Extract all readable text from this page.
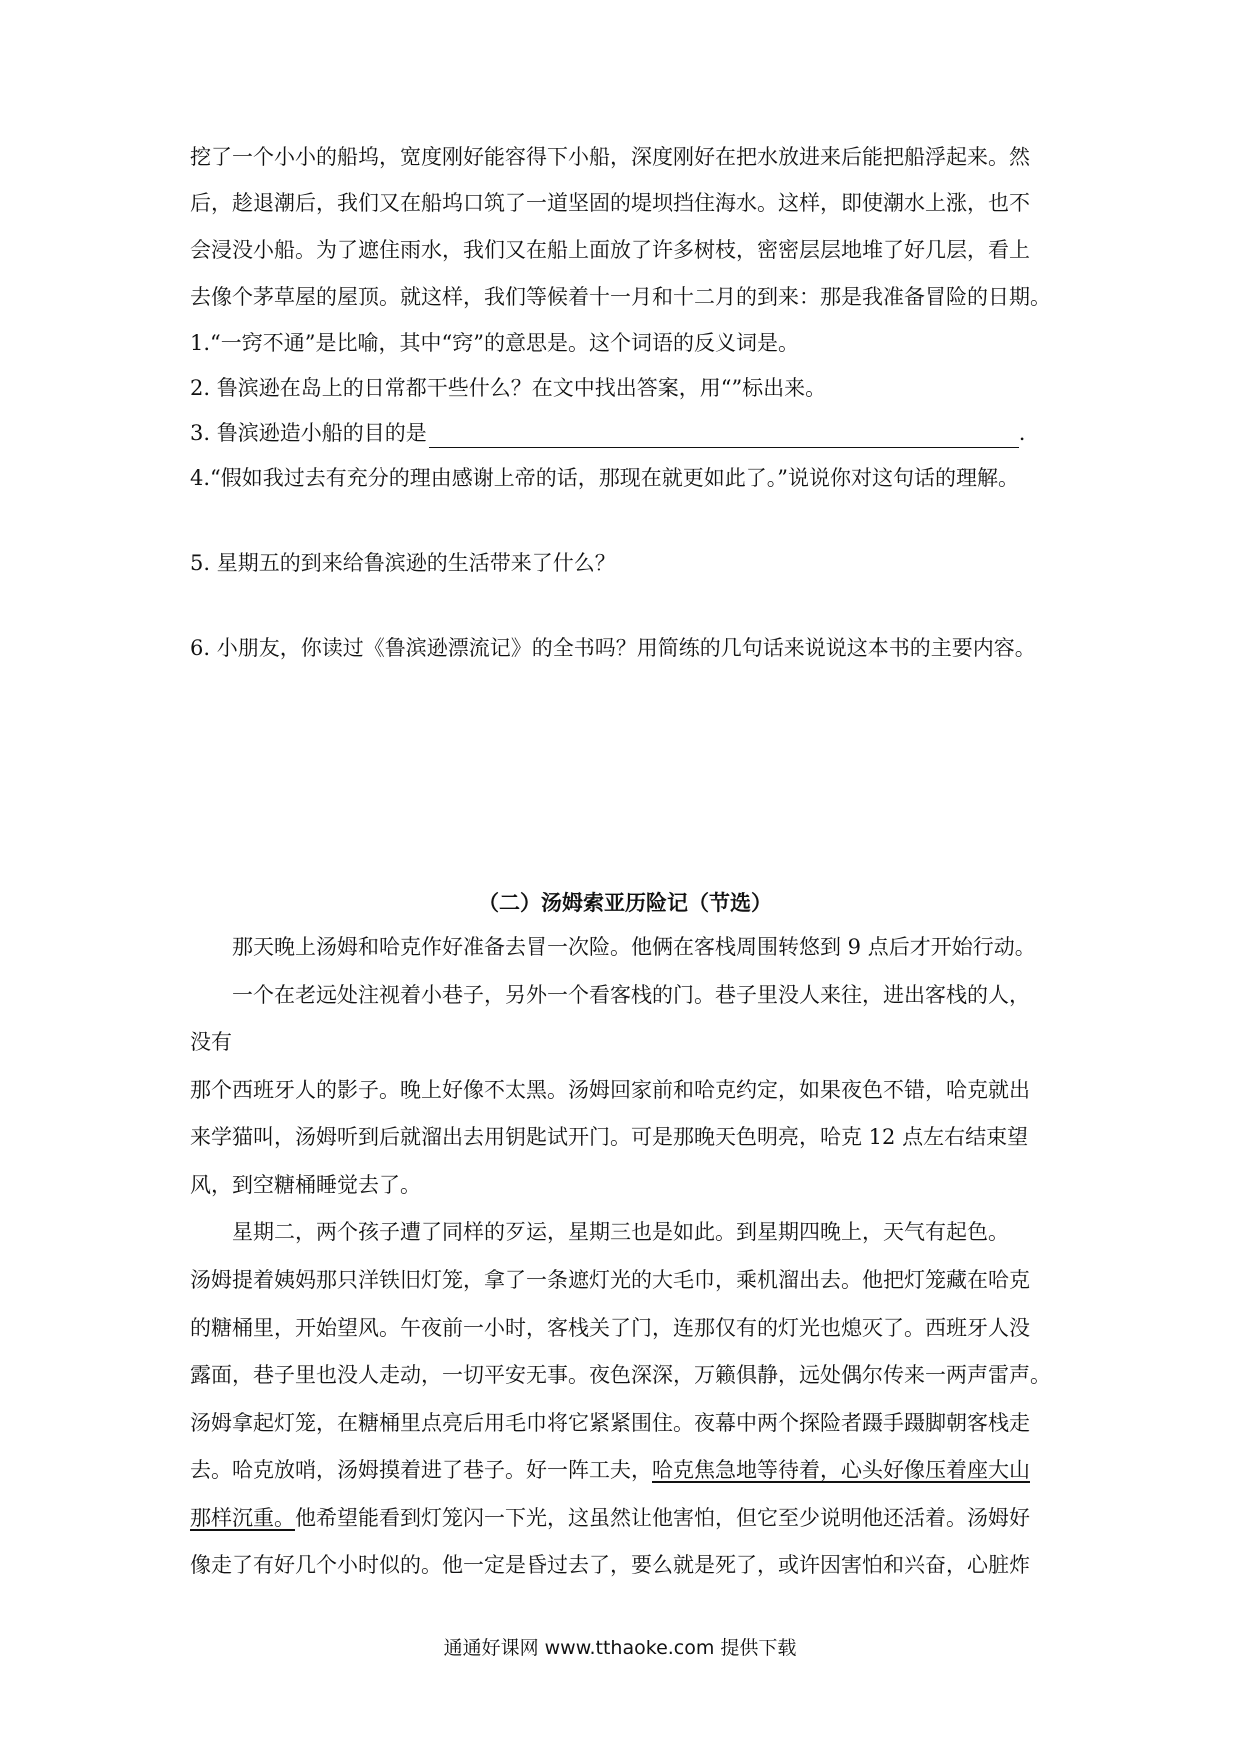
挖了一个小小的船坞，宽度刚好能容得下小船，深度刚好在把水放进来后能把船浮起来。然
后，趁退潮后，我们又在船坞口筑了一道坚固的堤坝挡住海水。这样，即使潮水上涨，也不
会浸没小船。为了遮住雨水，我们又在船上面放了许多树枝，密密层层地堆了好几层，看上
去像个茅草屋的屋顶。就这样，我们等候着十一月和十二月的到来：那是我准备冒险的日期。
1.“一窍不通”是比喻，其中“窍”的意思是。这个词语的反义词是。
2. 鲁滨逊在岛上的日常都干些什么？在文中找出答案，用“”标出来。
3. 鲁滨逊造小船的目的是	.
4.“假如我过去有充分的理由感谢上帝的话，那现在就更如此了。”说说你对这句话的理解。
5. 星期五的到来给鲁滨逊的生活带来了什么？
6. 小朋友，你读过《鲁滨逊漂流记》的全书吗？用简练的几句话来说说这本书的主要内容。
（二）汤姆索亚历险记（节选）
　　那天晚上汤姆和哈克作好准备去冒一次险。他俩在客栈周围转悠到 9 点后才开始行动。
　　一个在老远处注视着小巷子，另外一个看客栈的门。巷子里没人来往，进出客栈的人，
没有
那个西班牙人的影子。晚上好像不太黑。汤姆回家前和哈克约定，如果夜色不错，哈克就出
来学猫叫，汤姆听到后就溜出去用钥匙试开门。可是那晚天色明亮，哈克 12 点左右结束望
风，到空糖桶睡觉去了。
　　星期二，两个孩子遭了同样的歹运，星期三也是如此。到星期四晚上，天气有起色。
汤姆提着姨妈那只洋铁旧灯笼，拿了一条遮灯光的大毛巾，乘机溜出去。他把灯笼藏在哈克
的糖桶里，开始望风。午夜前一小时，客栈关了门，连那仅有的灯光也熄灭了。西班牙人没
露面，巷子里也没人走动，一切平安无事。夜色深深，万籁俱静，远处偶尔传来一两声雷声。
汤姆拿起灯笼，在糖桶里点亮后用毛巾将它紧紧围住。夜幕中两个探险者蹑手蹑脚朝客栈走
去。哈克放哨，汤姆摸着进了巷子。好一阵工夫，哈克焦急地等待着，心头好像压着座大山
那样沉重。他希望能看到灯笼闪一下光，这虽然让他害怕，但它至少说明他还活着。汤姆好
像走了有好几个小时似的。他一定是昏过去了，要么就是死了，或许因害怕和兴奋，心脏炸
通通好课网 www.tthaoke.com 提供下载
